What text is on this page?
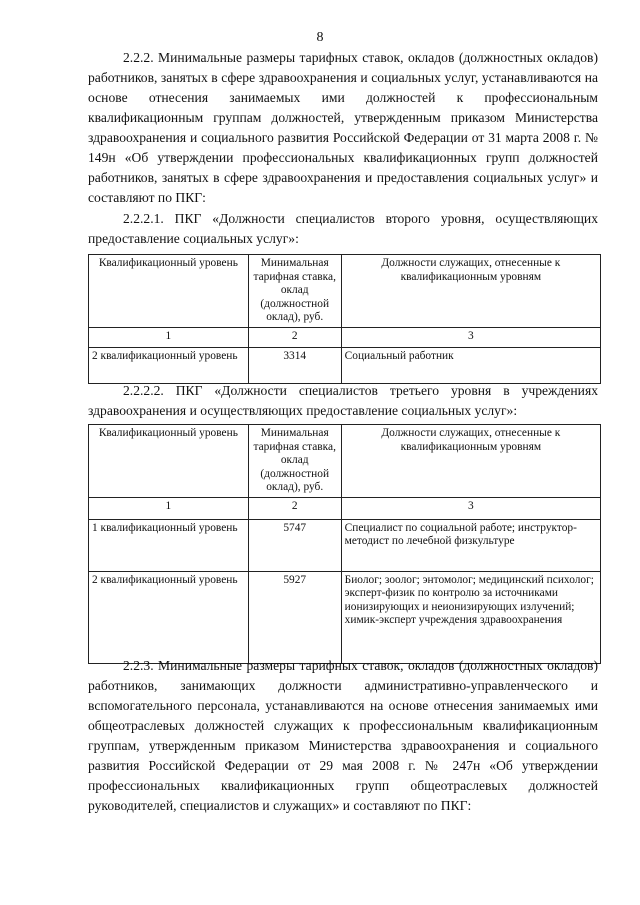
8

2.2.2. Минимальные размеры тарифных ставок, окладов (должностных окладов) работников, занятых в сфере здравоохранения и социальных услуг, устанавливаются на основе отнесения занимаемых ими должностей к профессиональным квалификационным группам должностей, утвержденным приказом Министерства здравоохранения и социального развития Российской Федерации от 31 марта 2008 г. № 149н «Об утверждении профессиональных квалификационных групп должностей работников, занятых в сфере здравоохранения и предоставления социальных услуг» и составляют по ПКГ:

2.2.2.1. ПКГ «Должности специалистов второго уровня, осуществляющих предоставление социальных услуг»:

Квалификационный уровень	Минимальная тарифная ставка, оклад (должностной оклад), руб.	Должности служащих, отнесенные к квалификационным уровням
1	2	3
2 квалификационный уровень	3314	Социальный работник

2.2.2.2. ПКГ «Должности специалистов третьего уровня в учреждениях здравоохранения и осуществляющих предоставление социальных услуг»:

Квалификационный уровень	Минимальная тарифная ставка, оклад (должностной оклад), руб.	Должности служащих, отнесенные к квалификационным уровням
1	2	3
1 квалификационный уровень	5747	Специалист по социальной работе; инструктор-методист по лечебной физкультуре
2 квалификационный уровень	5927	Биолог; зоолог; энтомолог; медицинский психолог; эксперт-физик по контролю за источниками ионизирующих и неионизирующих излучений; химик-эксперт учреждения здравоохранения

2.2.3. Минимальные размеры тарифных ставок, окладов (должностных окладов) работников, занимающих должности административно-управленческого и вспомогательного персонала, устанавливаются на основе отнесения занимаемых ими общеотраслевых должностей служащих к профессиональным квалификационным группам, утвержденным приказом Министерства здравоохранения и социального развития Российской Федерации от 29 мая 2008 г. № 247н «Об утверждении профессиональных квалификационных групп общеотраслевых должностей руководителей, специалистов и служащих» и составляют по ПКГ:
